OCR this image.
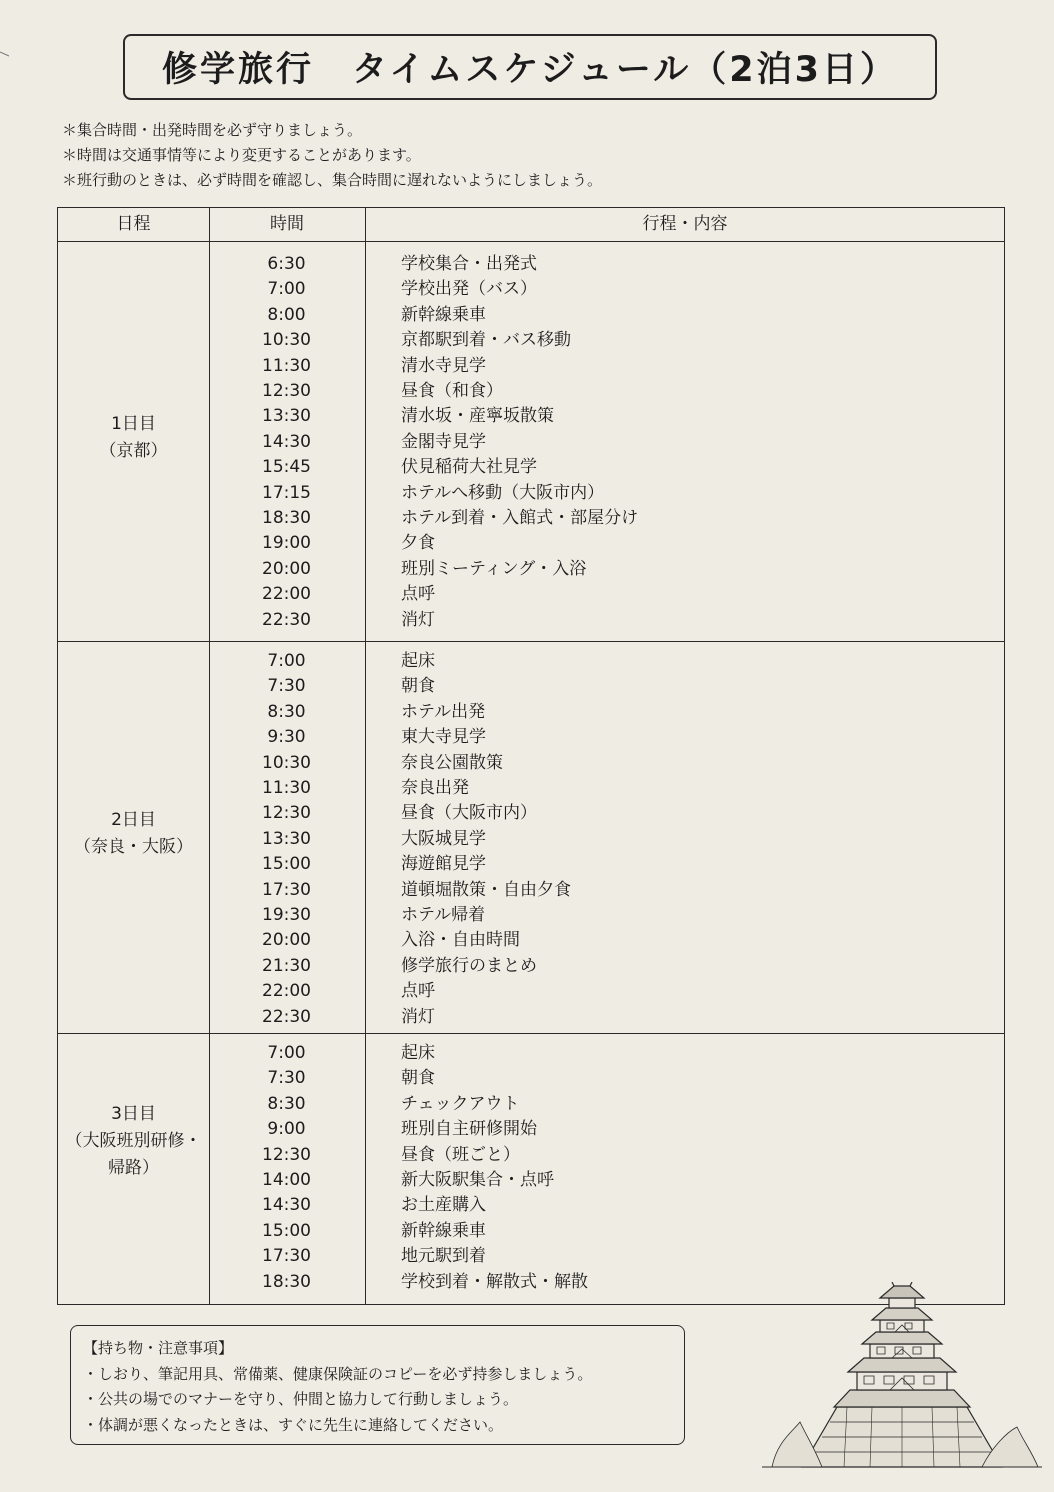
修学旅行　タイムスケジュール（2泊3日）
＊集合時間・出発時間を必ず守りましょう。
＊時間は交通事情等により変更することがあります。
＊班行動のときは、必ず時間を確認し、集合時間に遅れないようにしましょう。
日程	時間	行程・内容
1日目
（京都）
6:30	学校集合・出発式
7:00	学校出発（バス）
8:00	新幹線乗車
10:30	京都駅到着・バス移動
11:30	清水寺見学
12:30	昼食（和食）
13:30	清水坂・産寧坂散策
14:30	金閣寺見学
15:45	伏見稲荷大社見学
17:15	ホテルへ移動（大阪市内）
18:30	ホテル到着・入館式・部屋分け
19:00	夕食
20:00	班別ミーティング・入浴
22:00	点呼
22:30	消灯
2日目
（奈良・大阪）
7:00	起床
7:30	朝食
8:30	ホテル出発
9:30	東大寺見学
10:30	奈良公園散策
11:30	奈良出発
12:30	昼食（大阪市内）
13:30	大阪城見学
15:00	海遊館見学
17:30	道頓堀散策・自由夕食
19:30	ホテル帰着
20:00	入浴・自由時間
21:30	修学旅行のまとめ
22:00	点呼
22:30	消灯
3日目
（大阪班別研修・
帰路）
7:00	起床
7:30	朝食
8:30	チェックアウト
9:00	班別自主研修開始
12:30	昼食（班ごと）
14:00	新大阪駅集合・点呼
14:30	お土産購入
15:00	新幹線乗車
17:30	地元駅到着
18:30	学校到着・解散式・解散
【持ち物・注意事項】
・しおり、筆記用具、常備薬、健康保険証のコピーを必ず持参しましょう。
・公共の場でのマナーを守り、仲間と協力して行動しましょう。
・体調が悪くなったときは、すぐに先生に連絡してください。
